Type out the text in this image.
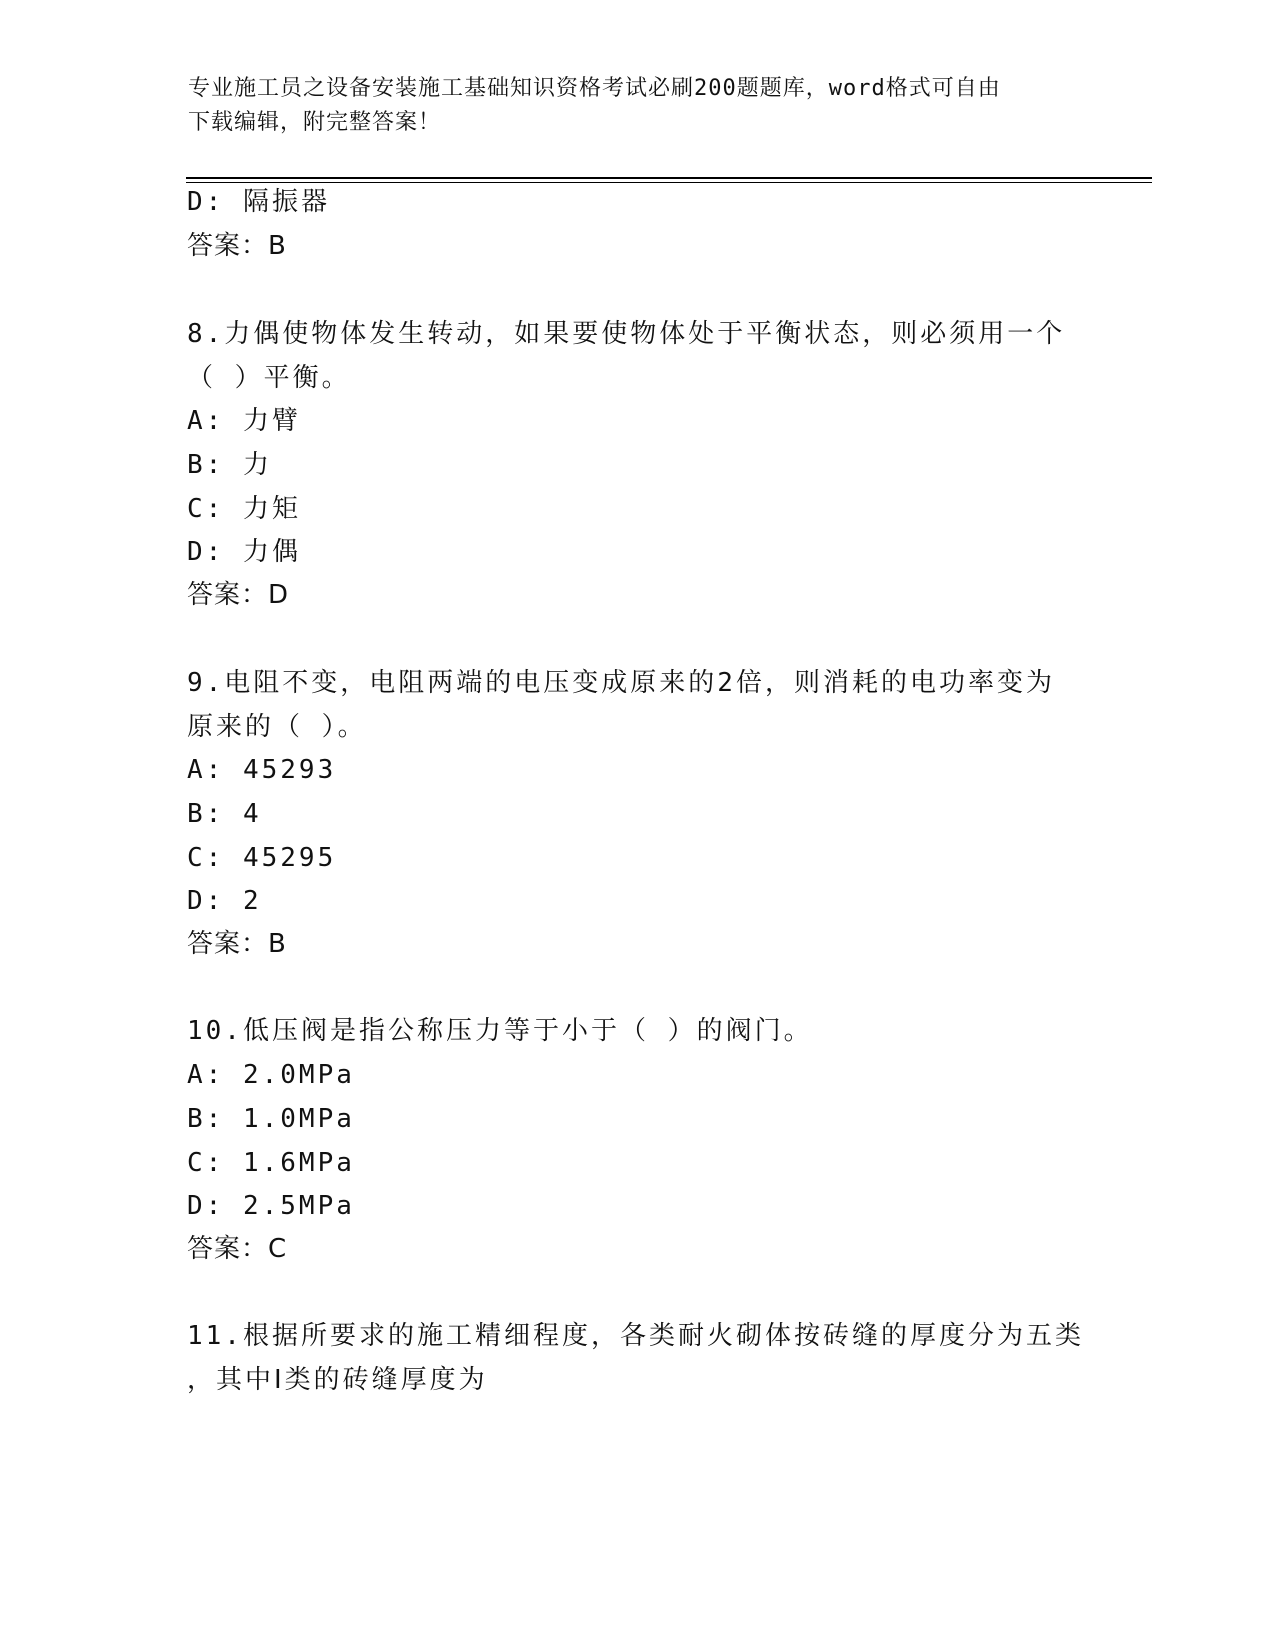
专业施工员之设备安装施工基础知识资格考试必刷200题题库，word格式可自由
下载编辑，附完整答案！
D: 隔振器
答案：B
8.力偶使物体发生转动，如果要使物体处于平衡状态，则必须用一个
（ ）平衡。
A: 力臂
B: 力
C: 力矩
D: 力偶
答案：D
9.电阻不变，电阻两端的电压变成原来的2倍，则消耗的电功率变为
原来的（ ）。
A: 45293
B: 4
C: 45295
D: 2
答案：B
10.低压阀是指公称压力等于小于（ ）的阀门。
A: 2.0MPa
B: 1.0MPa
C: 1.6MPa
D: 2.5MPa
答案：C
11.根据所要求的施工精细程度，各类耐火砌体按砖缝的厚度分为五类
，其中Ⅰ类的砖缝厚度为
